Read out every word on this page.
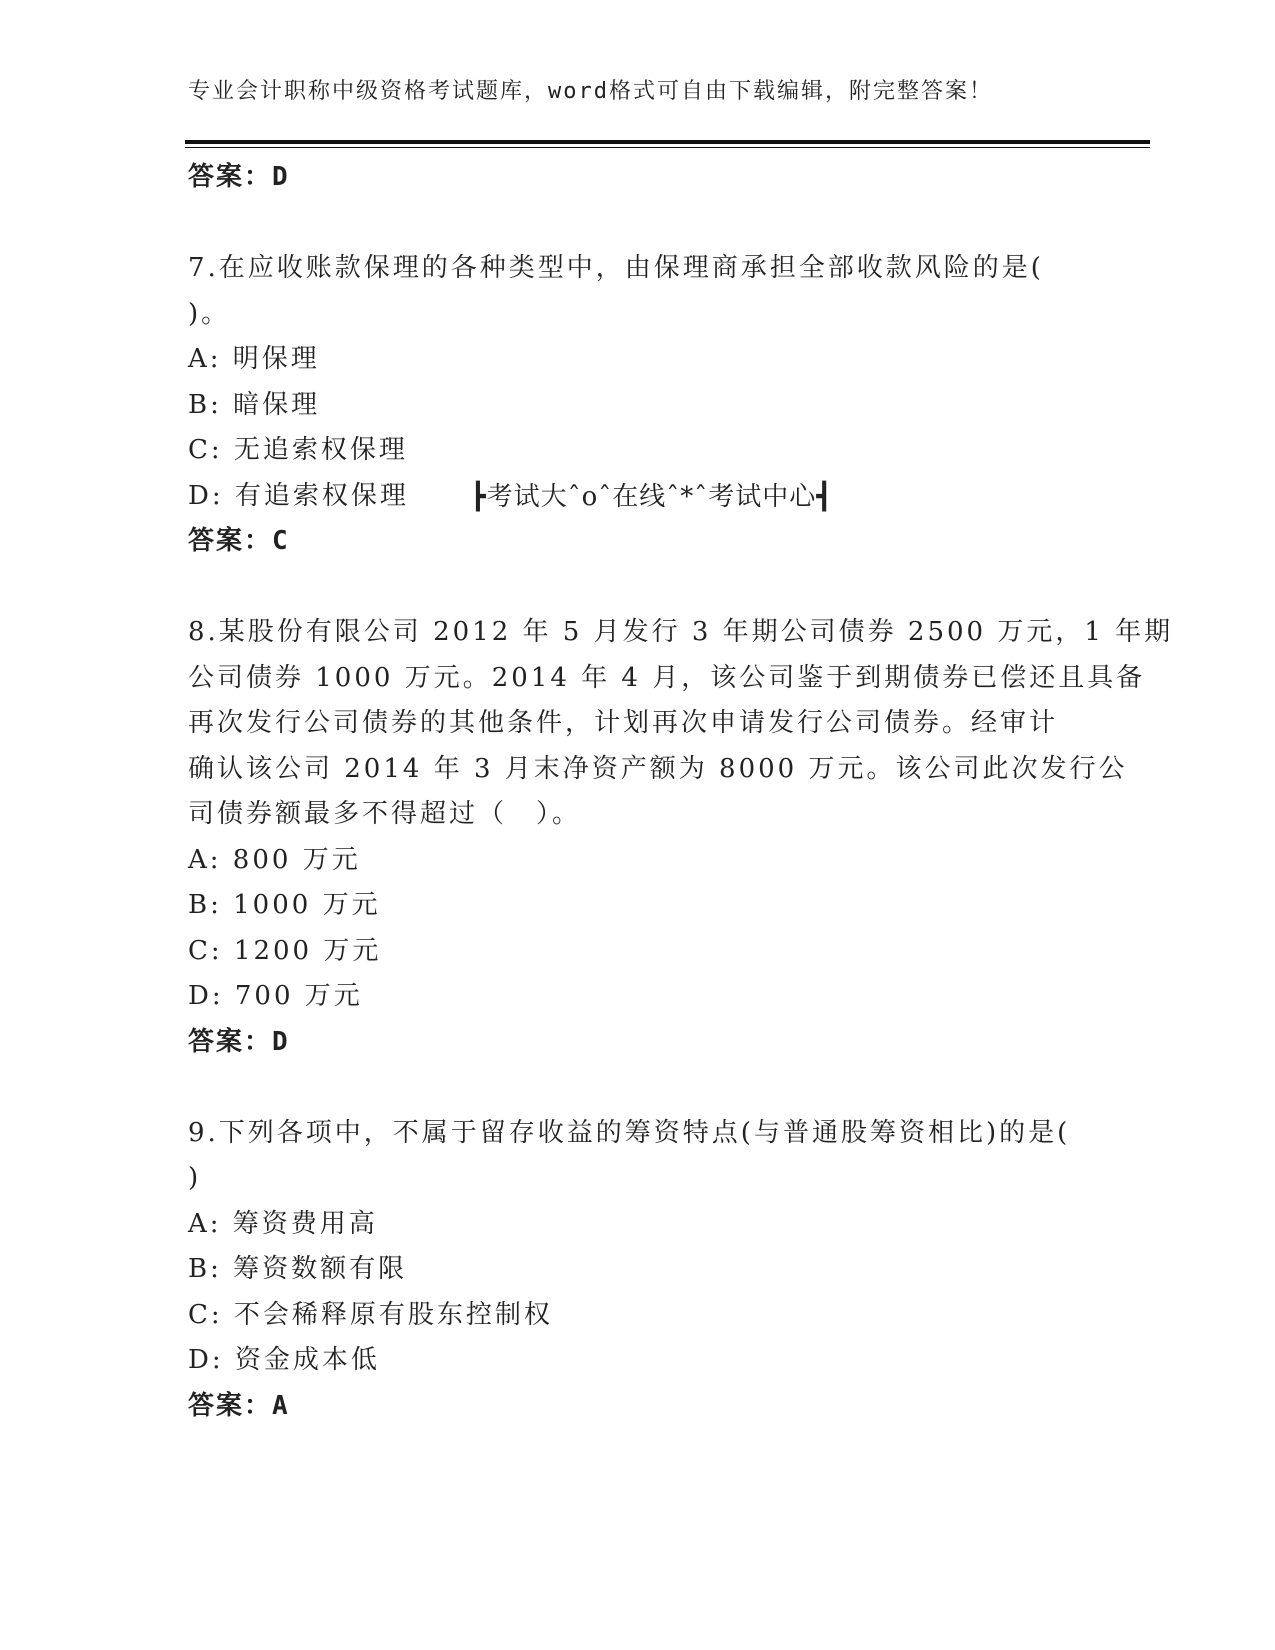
专业会计职称中级资格考试题库，word格式可自由下载编辑，附完整答案！
答案：D
7.在应收账款保理的各种类型中，由保理商承担全部收款风险的是(
)。
A: 明保理
B: 暗保理
C: 无追索权保理
D: 有追索权保理
答案：C
8.某股份有限公司 2012 年 5 月发行 3 年期公司债券 2500 万元，1 年期
公司债券 1000 万元。2014 年 4 月，该公司鉴于到期债券已偿还且具备
再次发行公司债券的其他条件，计划再次申请发行公司债券。经审计
确认该公司 2014 年 3 月末净资产额为 8000 万元。该公司此次发行公
司债券额最多不得超过（　）。
A: 800 万元
B: 1000 万元
C: 1200 万元
D: 700 万元
答案：D
9.下列各项中，不属于留存收益的筹资特点(与普通股筹资相比)的是(
)
A: 筹资费用高
B: 筹资数额有限
C: 不会稀释原有股东控制权
D: 资金成本低
答案：A
┣考试大ˆoˆ在线ˆ*ˆ考试中心┫
